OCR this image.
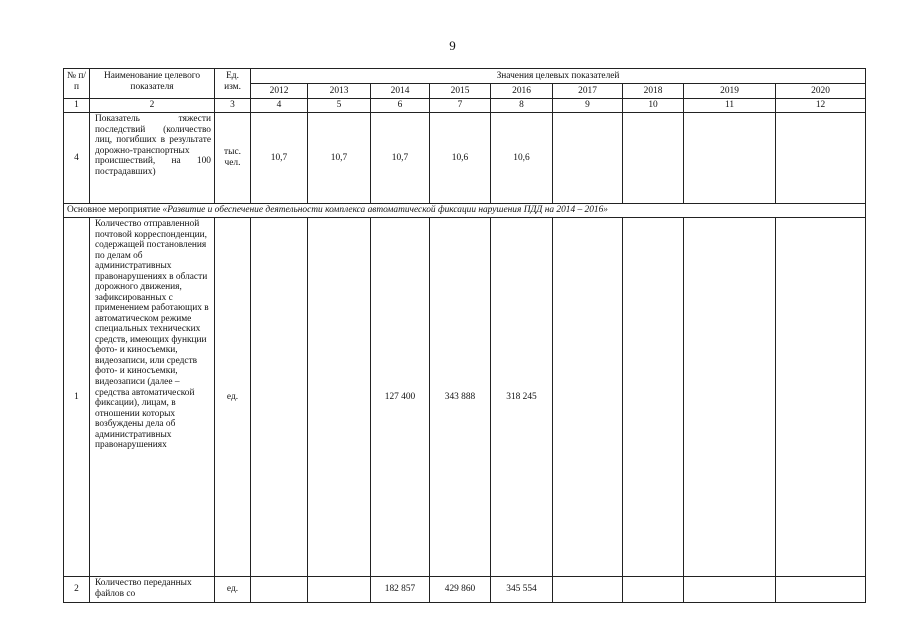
9
№ п/п	Наименование целевого показателя	Ед. изм.	Значения целевых показателей								
			2012	2013	2014	2015	2016	2017	2018	2019	2020
1	2	3	4	5	6	7	8	9	10	11	12
4	Показатель тяжести последствий (количество лиц, погибших в результате дорожно-транспортных происшествий, на 100 пострадавших)	тыс. чел.	10,7	10,7	10,7	10,6	10,6				
Основное мероприятие «Развитие и обеспечение деятельности комплекса автоматической фиксации нарушения ПДД на 2014 – 2016»											
1	Количество отправленной почтовой корреспонденции, содержащей постановления по делам об административных правонарушениях в области дорожного движения, зафиксированных с применением работающих в автоматическом режиме специальных технических средств, имеющих функции фото- и киносъемки, видеозаписи, или средств фото- и киносъемки, видеозаписи (далее – средства автоматической фиксации), лицам, в отношении которых возбуждены дела об административных правонарушениях	ед.			127 400	343 888	318 245				
2	Количество переданных файлов со	ед.			182 857	429 860	345 554				
